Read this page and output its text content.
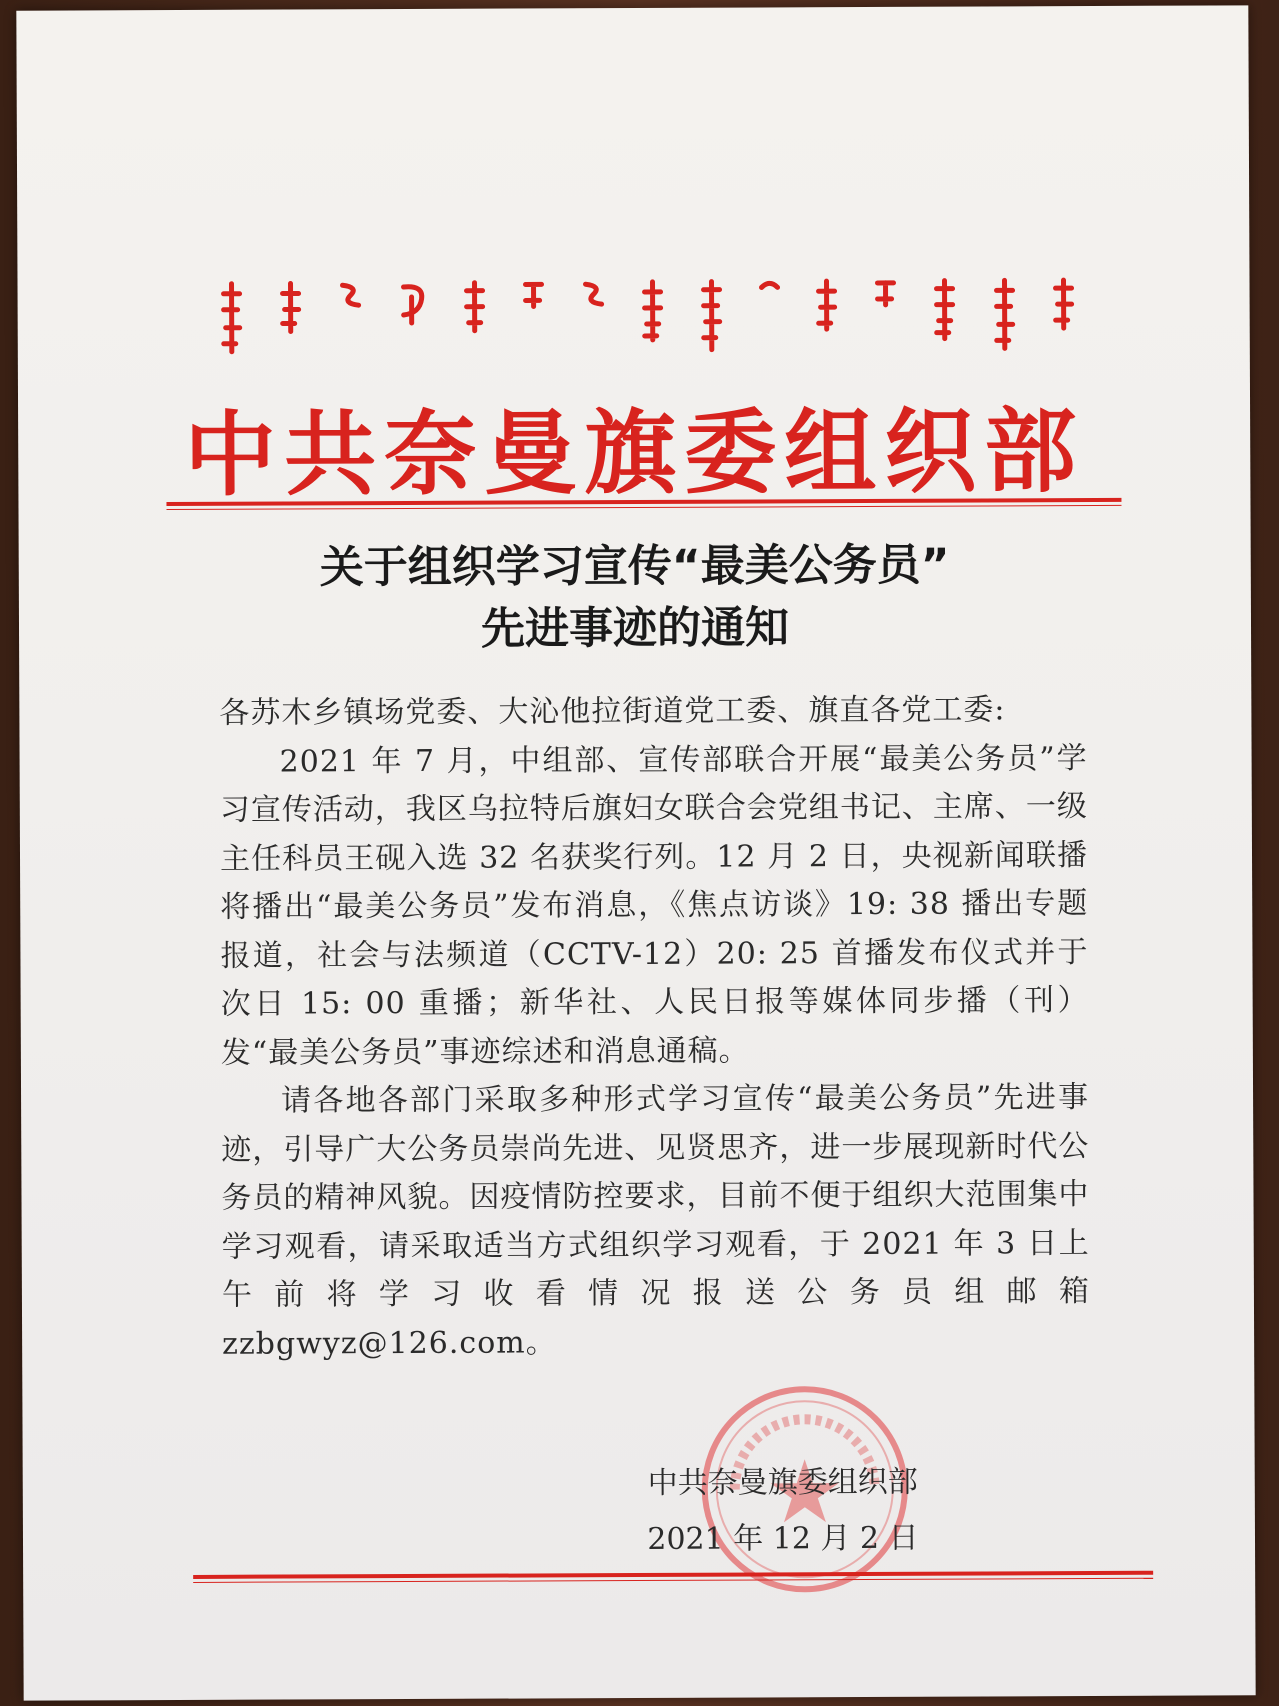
中共奈曼旗委组织部
关于组织学习宣传“最美公务员”
先进事迹的通知

各苏木乡镇场党委、大沁他拉街道党工委、旗直各党工委:

2021 年 7 月，中组部、宣传部联合开展“最美公务员”学习宣传活动，我区乌拉特后旗妇女联合会党组书记、主席、一级主任科员王砚入选 32 名获奖行列。12 月 2 日，央视新闻联播将播出“最美公务员”发布消息，《焦点访谈》19: 38 播出专题报道，社会与法频道（CCTV-12）20: 25 首播发布仪式并于次日 15: 00 重播；新华社、人民日报等媒体同步播（刊）发“最美公务员”事迹综述和消息通稿。

请各地各部门采取多种形式学习宣传“最美公务员”先进事迹，引导广大公务员崇尚先进、见贤思齐，进一步展现新时代公务员的精神风貌。因疫情防控要求，目前不便于组织大范围集中学习观看，请采取适当方式组织学习观看，于 2021 年 3 日上午前将学习收看情况报送公务员组邮箱 zzbgwyz@126.com。

中共奈曼旗委组织部
2021 年 12 月 2 日
